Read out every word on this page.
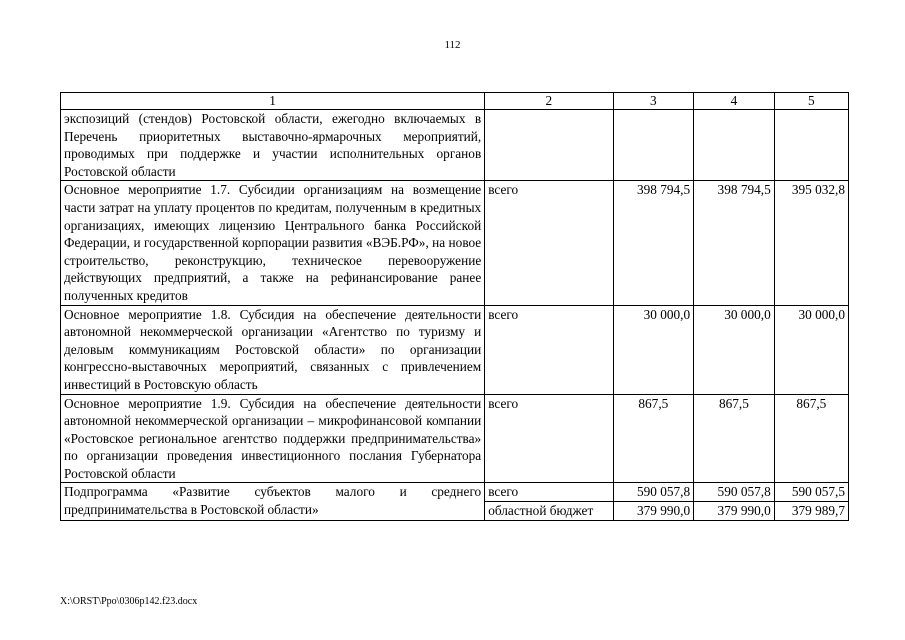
112
1	2	3	4	5
экспозиций (стендов) Ростовской области, ежегодно включаемых в Перечень приоритетных выставочно-ярмарочных мероприятий, проводимых при поддержке и участии исполнительных органов Ростовской области				
Основное мероприятие 1.7. Субсидии организациям на возмещение части затрат на уплату процентов по кредитам, полученным в кредитных организациях, имеющих лицензию Центрального банка Российской Федерации, и государственной корпорации развития «ВЭБ.РФ», на новое строительство, реконструкцию, техническое перевооружение действующих предприятий, а также на рефинансирование ранее полученных кредитов	всего	398 794,5	398 794,5	395 032,8
Основное мероприятие 1.8. Субсидия на обеспечение деятельности автономной некоммерческой организации «Агентство по туризму и деловым коммуникациям Ростовской области» по организации конгрессно-выставочных мероприятий, связанных с привлечением инвестиций в Ростовскую область	всего	30 000,0	30 000,0	30 000,0
Основное мероприятие 1.9. Субсидия на обеспечение деятельности автономной некоммерческой организации – микрофинансовой компании «Ростовское региональное агентство поддержки предпринимательства» по организации проведения инвестиционного послания Губернатора Ростовской области	всего	867,5	867,5	867,5
Подпрограмма «Развитие субъектов малого и среднего предпринимательства в Ростовской области»	всего	590 057,8	590 057,8	590 057,5
	областной бюджет	379 990,0	379 990,0	379 989,7
X:\ORST\Ppo\0306p142.f23.docx
